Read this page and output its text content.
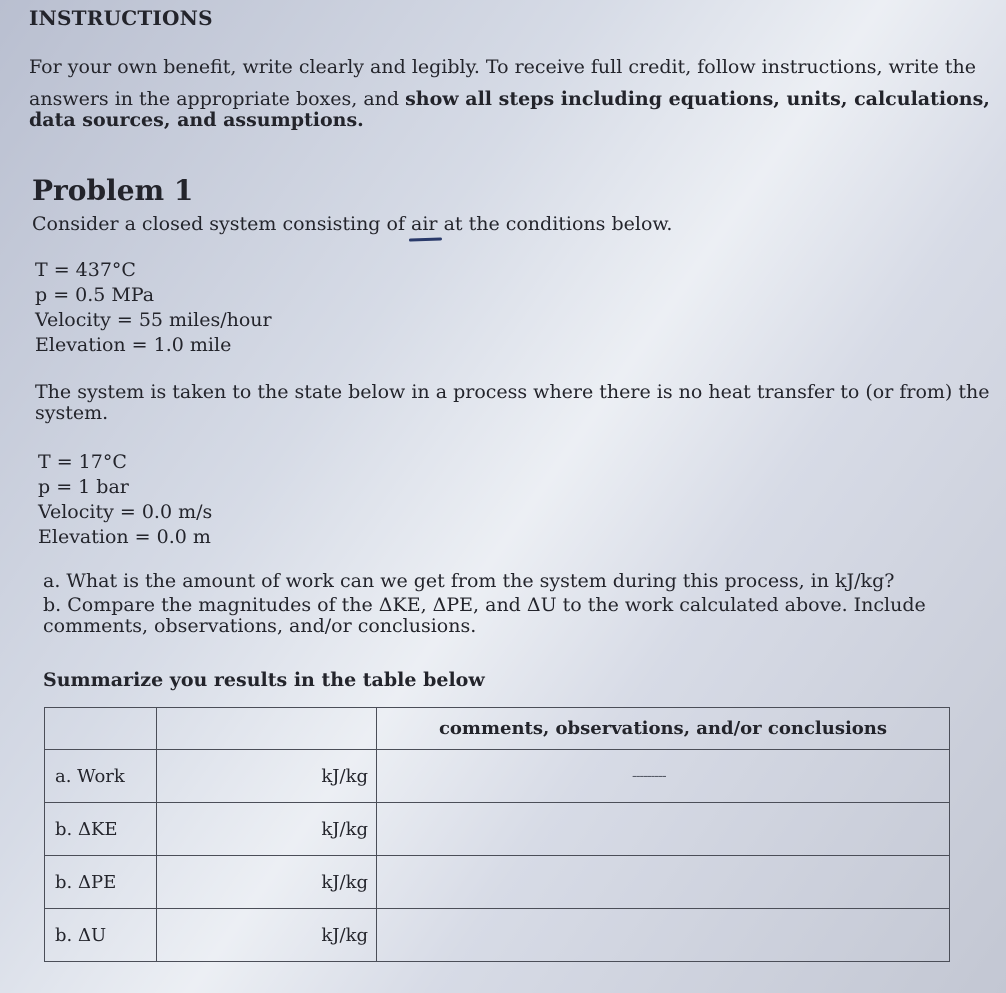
INSTRUCTIONS
For your own benefit, write clearly and legibly. To receive full credit, follow instructions, write the
answers in the appropriate boxes, and show all steps including equations, units, calculations,
data sources, and assumptions.
Problem 1
Consider a closed system consisting of air at the conditions below.
T = 437°C
p = 0.5 MPa
Velocity = 55 miles/hour
Elevation = 1.0 mile
The system is taken to the state below in a process where there is no heat transfer to (or from) the
system.
T = 17°C
p = 1 bar
Velocity = 0.0 m/s
Elevation = 0.0 m
a. What is the amount of work can we get from the system during this process, in kJ/kg?
b. Compare the magnitudes of the ΔKE, ΔPE, and ΔU to the work calculated above. Include
comments, observations, and/or conclusions.
Summarize you results in the table below
		comments, observations, and/or conclusions
a. Work	kJ/kg	---------

b. ΔKE	kJ/kg	
b. ΔPE	kJ/kg	
b. ΔU	kJ/kg	
